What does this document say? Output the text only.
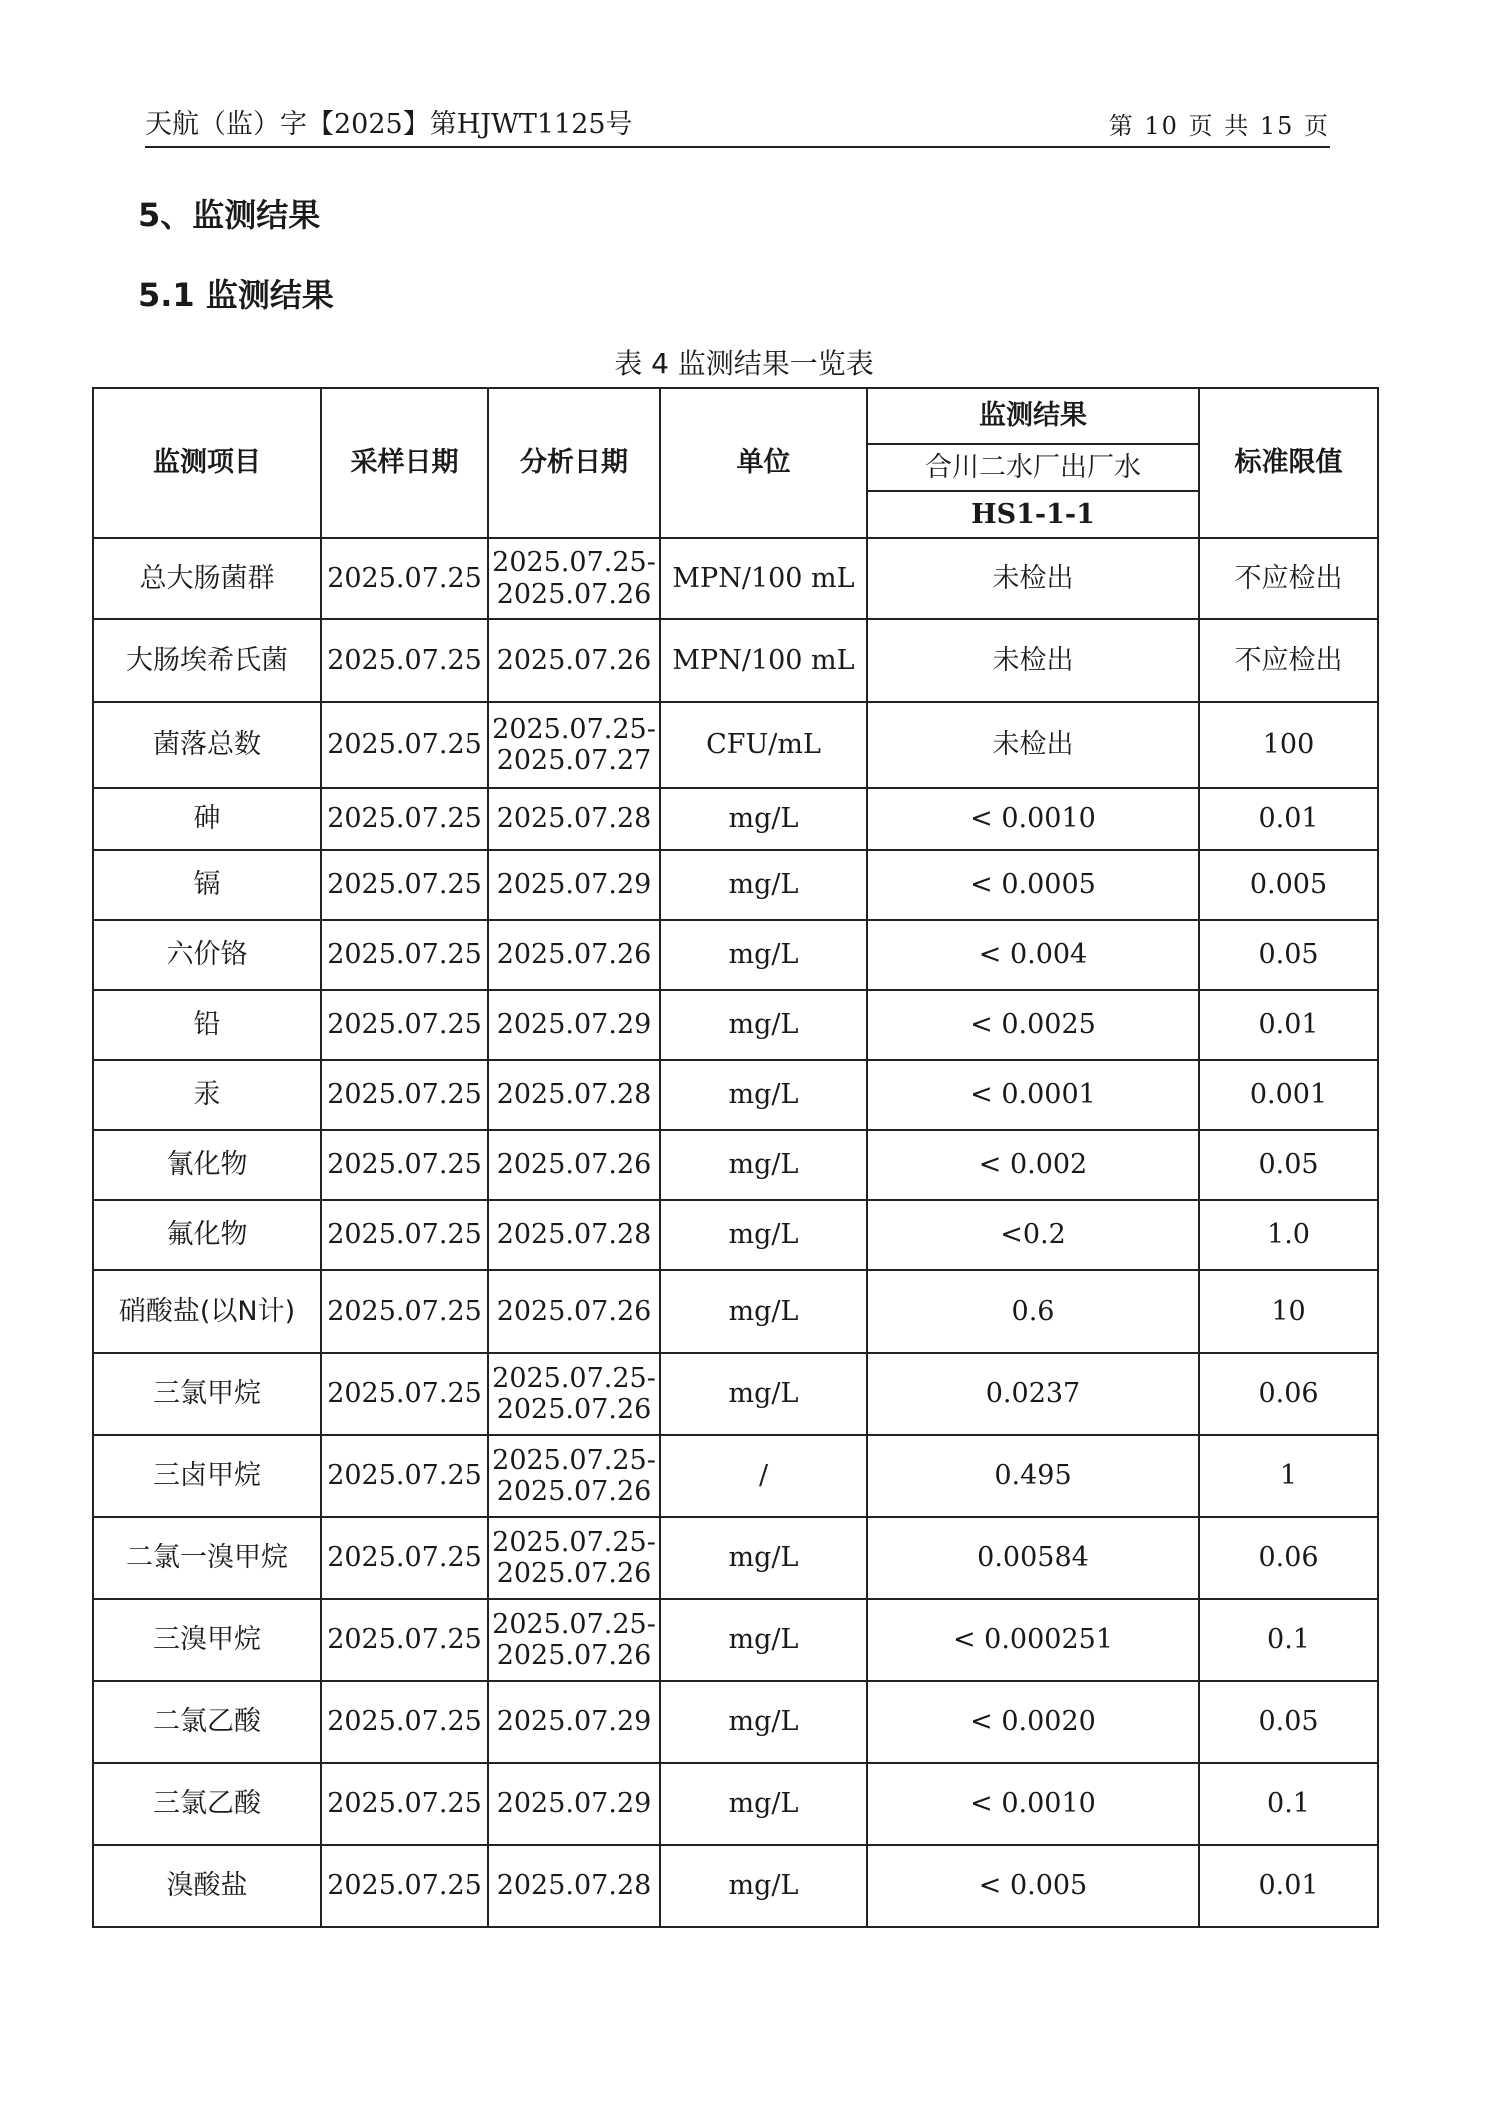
天航（监）字【2025】第HJWT1125号	第 10 页 共 15 页
5、监测结果
5.1 监测结果
表 4 监测结果一览表
监测项目	采样日期	分析日期	单位	监测结果	标准限值
				合川二水厂出厂水	
				HS1-1-1	
总大肠菌群	2025.07.25	2025.07.25-2025.07.26	MPN/100 mL	未检出	不应检出
大肠埃希氏菌	2025.07.25	2025.07.26	MPN/100 mL	未检出	不应检出
菌落总数	2025.07.25	2025.07.25-2025.07.27	CFU/mL	未检出	100
砷	2025.07.25	2025.07.28	mg/L	< 0.0010	0.01
镉	2025.07.25	2025.07.29	mg/L	< 0.0005	0.005
六价铬	2025.07.25	2025.07.26	mg/L	< 0.004	0.05
铅	2025.07.25	2025.07.29	mg/L	< 0.0025	0.01
汞	2025.07.25	2025.07.28	mg/L	< 0.0001	0.001
氰化物	2025.07.25	2025.07.26	mg/L	< 0.002	0.05
氟化物	2025.07.25	2025.07.28	mg/L	<0.2	1.0
硝酸盐(以N计)	2025.07.25	2025.07.26	mg/L	0.6	10
三氯甲烷	2025.07.25	2025.07.25-2025.07.26	mg/L	0.0237	0.06
三卤甲烷	2025.07.25	2025.07.25-2025.07.26	/	0.495	1
二氯一溴甲烷	2025.07.25	2025.07.25-2025.07.26	mg/L	0.00584	0.06
三溴甲烷	2025.07.25	2025.07.25-2025.07.26	mg/L	< 0.000251	0.1
二氯乙酸	2025.07.25	2025.07.29	mg/L	< 0.0020	0.05
三氯乙酸	2025.07.25	2025.07.29	mg/L	< 0.0010	0.1
溴酸盐	2025.07.25	2025.07.28	mg/L	< 0.005	0.01
